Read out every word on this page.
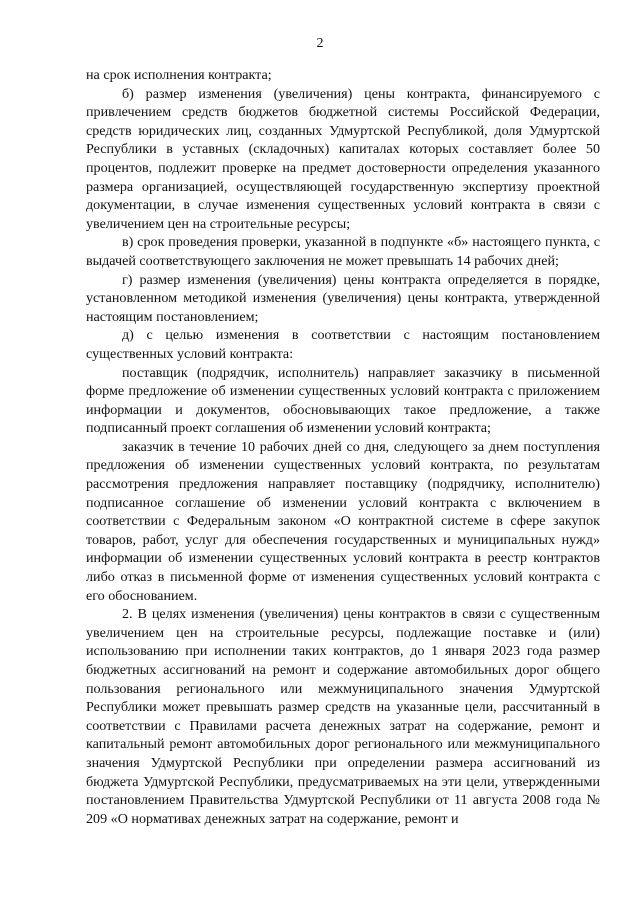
2

на срок исполнения контракта;

б) размер изменения (увеличения) цены контракта, финансируемого с привлечением средств бюджетов бюджетной системы Российской Федерации, средств юридических лиц, созданных Удмуртской Республикой, доля Удмуртской Республики в уставных (складочных) капиталах которых составляет более 50 процентов, подлежит проверке на предмет достоверности определения указанного размера организацией, осуществляющей государственную экспертизу проектной документации, в случае изменения существенных условий контракта в связи с увеличением цен на строительные ресурсы;

в) срок проведения проверки, указанной в подпункте «б» настоящего пункта, с выдачей соответствующего заключения не может превышать 14 рабочих дней;

г) размер изменения (увеличения) цены контракта определяется в порядке, установленном методикой изменения (увеличения) цены контракта, утвержденной настоящим постановлением;

д) с целью изменения в соответствии с настоящим постановлением существенных условий контракта:

поставщик (подрядчик, исполнитель) направляет заказчику в письменной форме предложение об изменении существенных условий контракта с приложением информации и документов, обосновывающих такое предложение, а также подписанный проект соглашения об изменении условий контракта;

заказчик в течение 10 рабочих дней со дня, следующего за днем поступления предложения об изменении существенных условий контракта, по результатам рассмотрения предложения направляет поставщику (подрядчику, исполнителю) подписанное соглашение об изменении условий контракта с включением в соответствии с Федеральным законом «О контрактной системе в сфере закупок товаров, работ, услуг для обеспечения государственных и муниципальных нужд» информации об изменении существенных условий контракта в реестр контрактов либо отказ в письменной форме от изменения существенных условий контракта с его обоснованием.

2. В целях изменения (увеличения) цены контрактов в связи с существенным увеличением цен на строительные ресурсы, подлежащие поставке и (или) использованию при исполнении таких контрактов, до 1 января 2023 года размер бюджетных ассигнований на ремонт и содержание автомобильных дорог общего пользования регионального или межмуниципального значения Удмуртской Республики может превышать размер средств на указанные цели, рассчитанный в соответствии с Правилами расчета денежных затрат на содержание, ремонт и капитальный ремонт автомобильных дорог регионального или межмуниципального значения Удмуртской Республики при определении размера ассигнований из бюджета Удмуртской Республики, предусматриваемых на эти цели, утвержденными постановлением Правительства Удмуртской Республики от 11 августа 2008 года № 209 «О нормативах денежных затрат на содержание, ремонт и
